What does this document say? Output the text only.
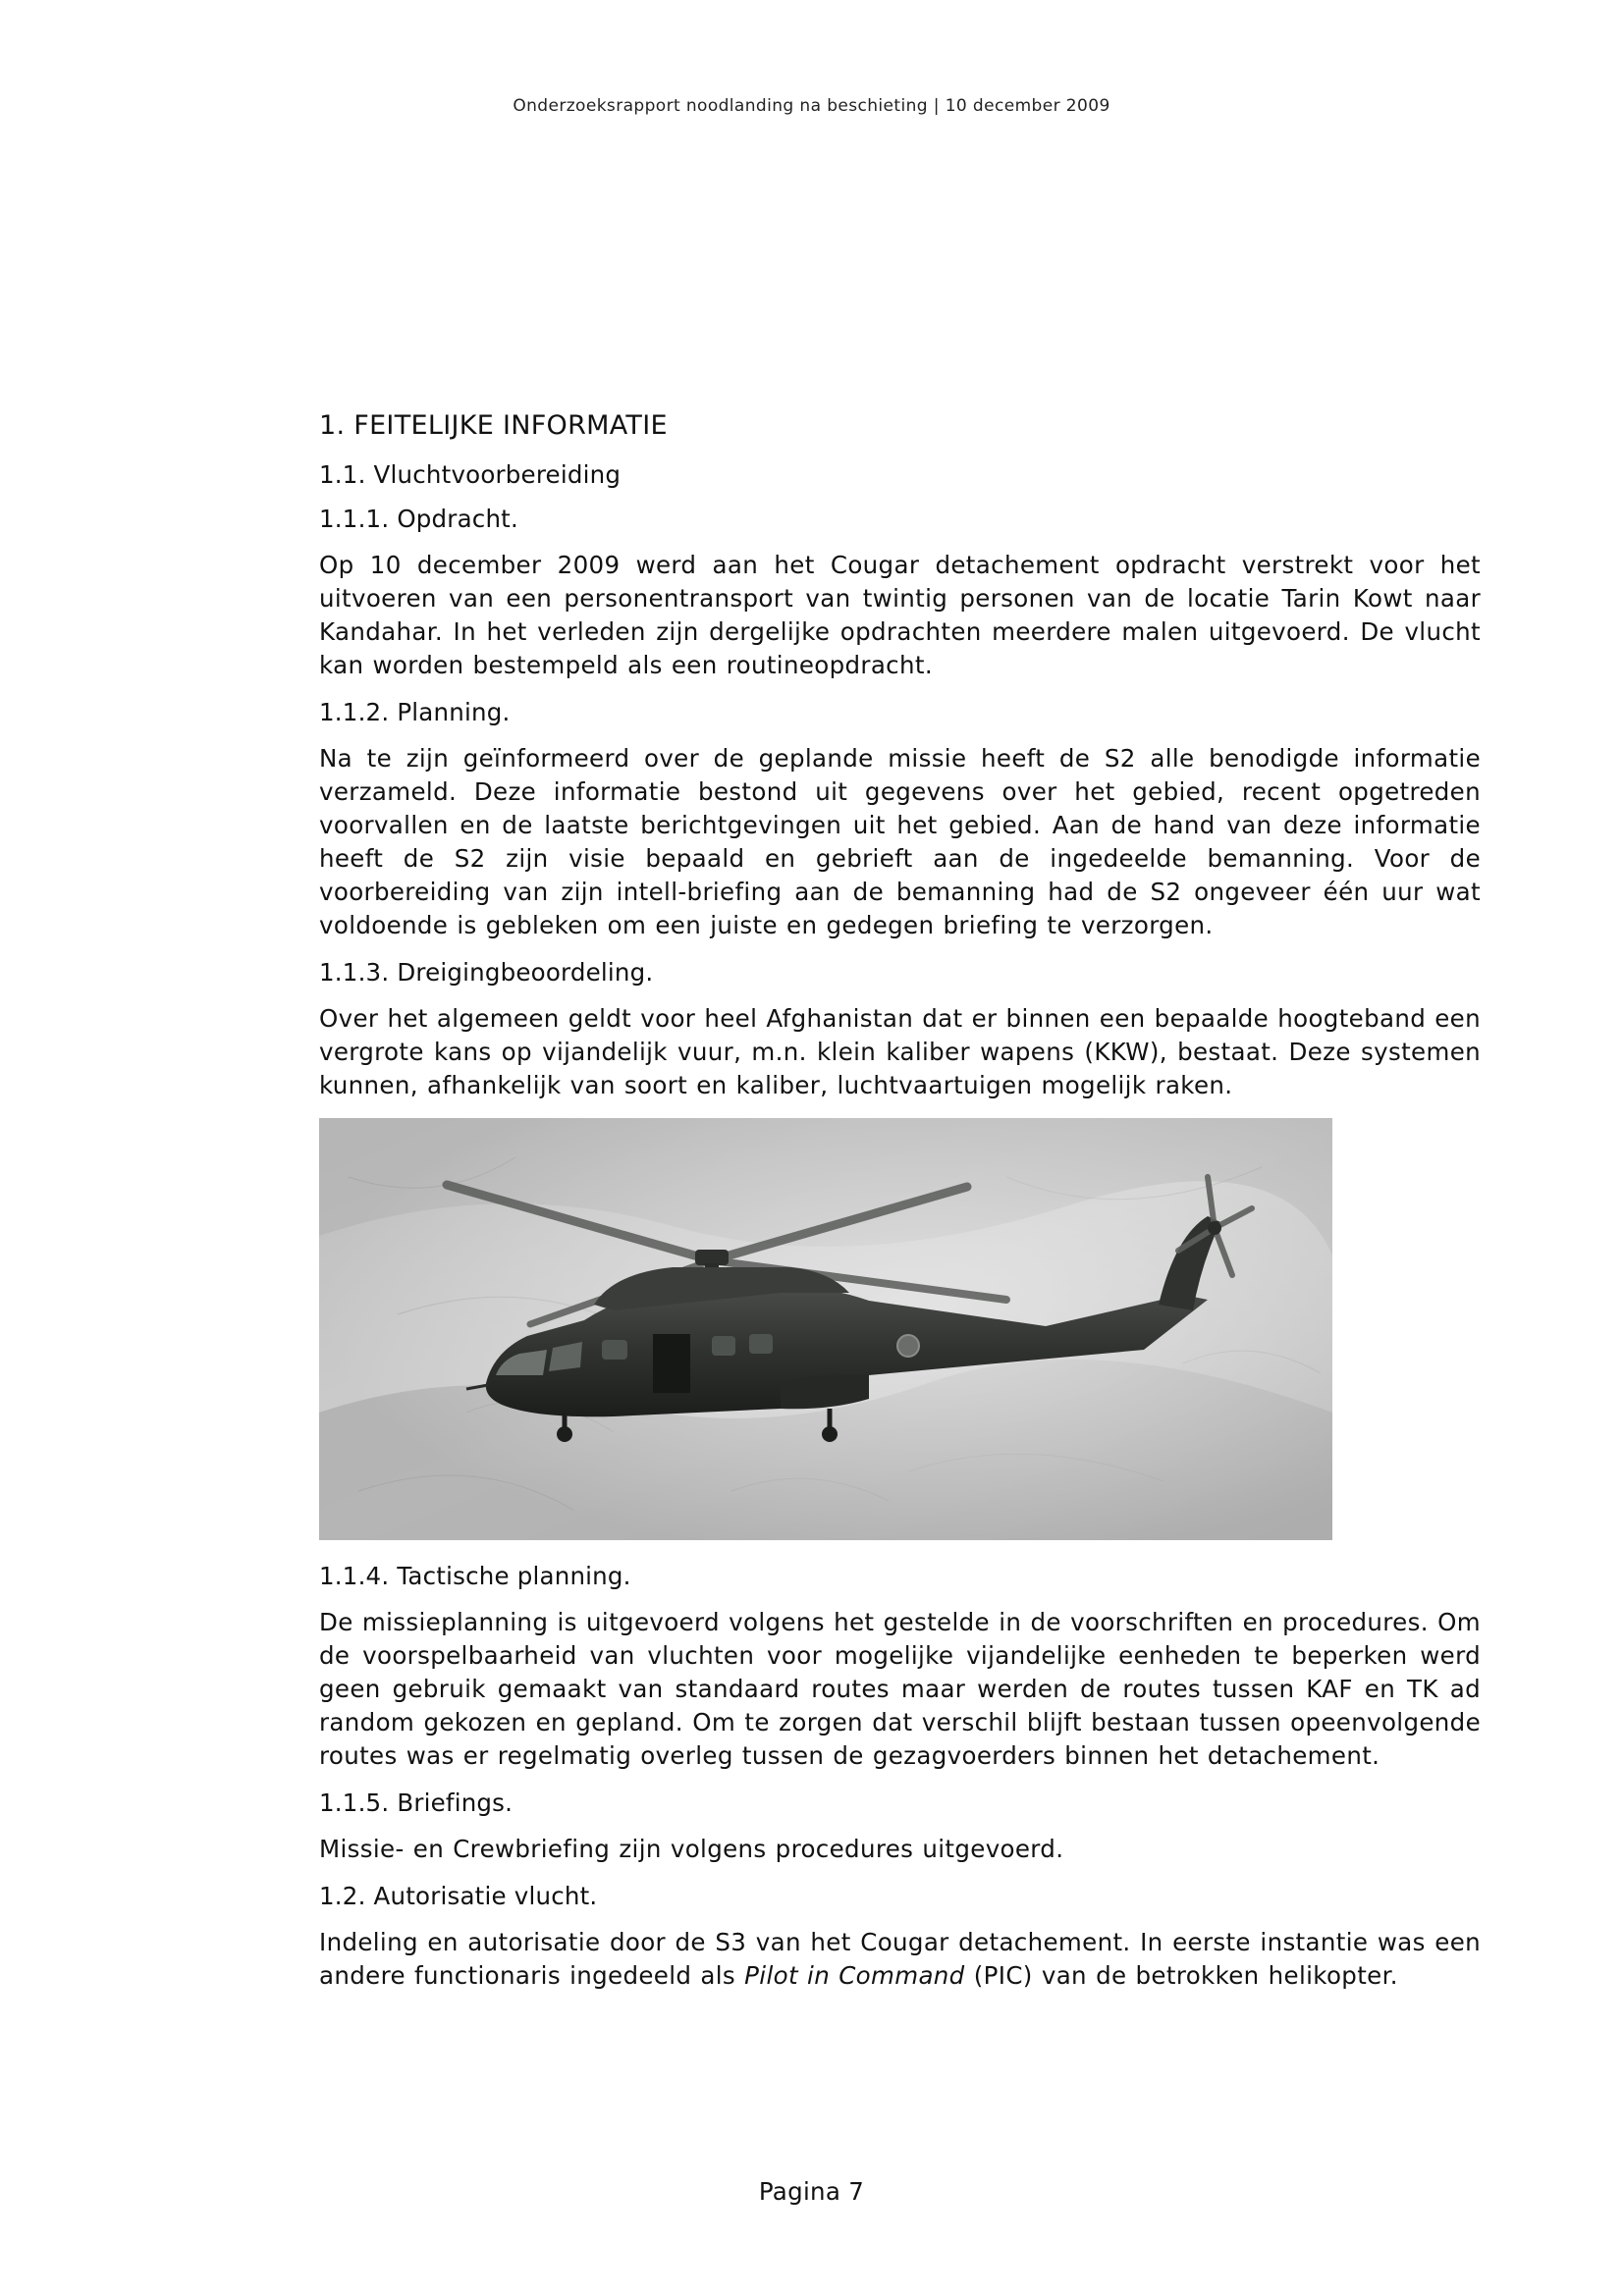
Onderzoeksrapport noodlanding na beschieting | 10 december 2009
1. FEITELIJKE INFORMATIE
1.1. Vluchtvoorbereiding
1.1.1. Opdracht.

Op 10 december 2009 werd aan het Cougar detachement opdracht verstrekt voor het uitvoeren van een personentransport van twintig personen van de locatie Tarin Kowt naar Kandahar. In het verleden zijn dergelijke opdrachten meerdere malen uitgevoerd. De vlucht kan worden bestempeld als een routineopdracht.

1.1.2. Planning.

Na te zijn geïnformeerd over de geplande missie heeft de S2 alle benodigde informatie verzameld. Deze informatie bestond uit gegevens over het gebied, recent opgetreden voorvallen en de laatste berichtgevingen uit het gebied. Aan de hand van deze informatie heeft de S2 zijn visie bepaald en gebrieft aan de ingedeelde bemanning. Voor de voorbereiding van zijn intell-briefing aan de bemanning had de S2 ongeveer één uur wat voldoende is gebleken om een juiste en gedegen briefing te verzorgen.

1.1.3. Dreigingbeoordeling.

Over het algemeen geldt voor heel Afghanistan dat er binnen een bepaalde hoogteband een vergrote kans op vijandelijk vuur, m.n. klein kaliber wapens (KKW), bestaat. Deze systemen kunnen, afhankelijk van soort en kaliber, luchtvaartuigen mogelijk raken.

1.1.4. Tactische planning.

De missieplanning is uitgevoerd volgens het gestelde in de voorschriften en procedures. Om de voorspelbaarheid van vluchten voor mogelijke vijandelijke eenheden te beperken werd geen gebruik gemaakt van standaard routes maar werden de routes tussen KAF en TK ad random gekozen en gepland. Om te zorgen dat verschil blijft bestaan tussen opeenvolgende routes was er regelmatig overleg tussen de gezagvoerders binnen het detachement.

1.1.5. Briefings.

Missie- en Crewbriefing zijn volgens procedures uitgevoerd.

1.2. Autorisatie vlucht.

Indeling en autorisatie door de S3 van het Cougar detachement. In eerste instantie was een andere functionaris ingedeeld als Pilot in Command (PIC) van de betrokken helikopter.

Pagina 7
